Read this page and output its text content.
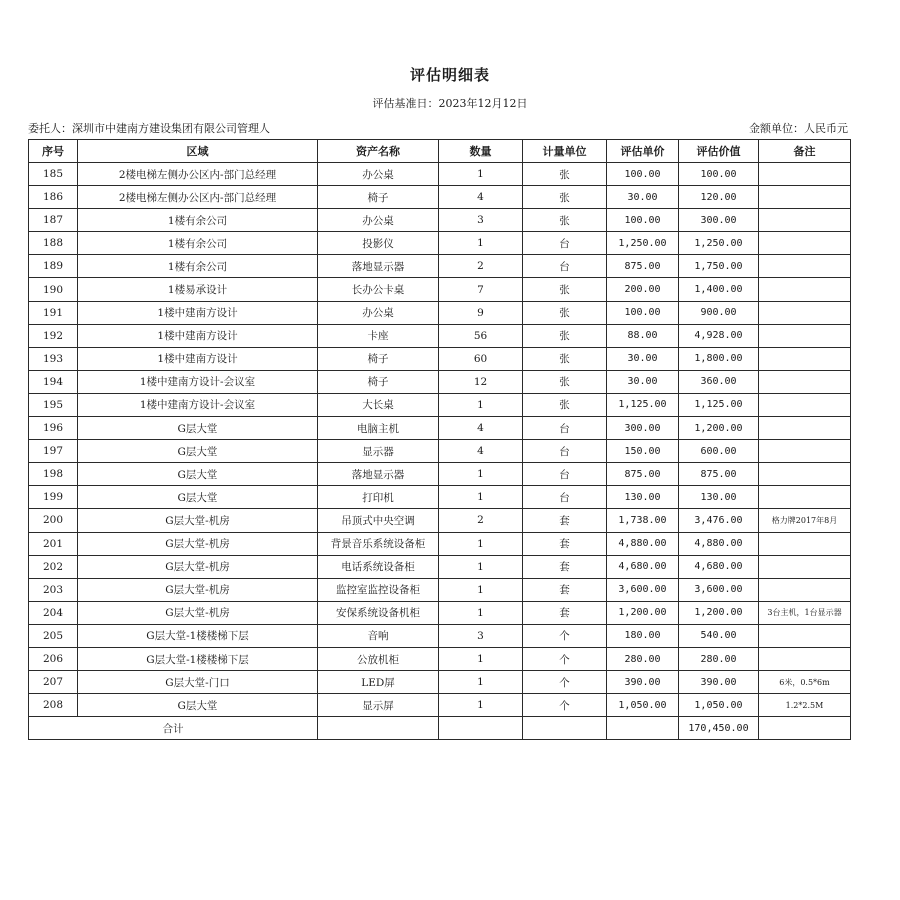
评估明细表
评估基准日：2023年12月12日
委托人：深圳市中建南方建设集团有限公司管理人	金额单位：人民币元
序号	区域	资产名称	数量	计量单位	评估单价	评估价值	备注
185	2楼电梯左侧办公区内-部门总经理	办公桌	1	张	100.00	100.00	
186	2楼电梯左侧办公区内-部门总经理	椅子	4	张	30.00	120.00	
187	1楼有余公司	办公桌	3	张	100.00	300.00	
188	1楼有余公司	投影仪	1	台	1,250.00	1,250.00	
189	1楼有余公司	落地显示器	2	台	875.00	1,750.00	
190	1楼易承设计	长办公卡桌	7	张	200.00	1,400.00	
191	1楼中建南方设计	办公桌	9	张	100.00	900.00	
192	1楼中建南方设计	卡座	56	张	88.00	4,928.00	
193	1楼中建南方设计	椅子	60	张	30.00	1,800.00	
194	1楼中建南方设计-会议室	椅子	12	张	30.00	360.00	
195	1楼中建南方设计-会议室	大长桌	1	张	1,125.00	1,125.00	
196	G层大堂	电脑主机	4	台	300.00	1,200.00	
197	G层大堂	显示器	4	台	150.00	600.00	
198	G层大堂	落地显示器	1	台	875.00	875.00	
199	G层大堂	打印机	1	台	130.00	130.00	
200	G层大堂-机房	吊顶式中央空调	2	套	1,738.00	3,476.00	格力牌2017年8月
201	G层大堂-机房	背景音乐系统设备柜	1	套	4,880.00	4,880.00	
202	G层大堂-机房	电话系统设备柜	1	套	4,680.00	4,680.00	
203	G层大堂-机房	监控室监控设备柜	1	套	3,600.00	3,600.00	
204	G层大堂-机房	安保系统设备机柜	1	套	1,200.00	1,200.00	3台主机，1台显示器
205	G层大堂-1楼楼梯下层	音响	3	个	180.00	540.00	
206	G层大堂-1楼楼梯下层	公放机柜	1	个	280.00	280.00	
207	G层大堂-门口	LED屏	1	个	390.00	390.00	6米，0.5*6m
208	G层大堂	显示屏	1	个	1,050.00	1,050.00	1.2*2.5M
合计						170,450.00	
